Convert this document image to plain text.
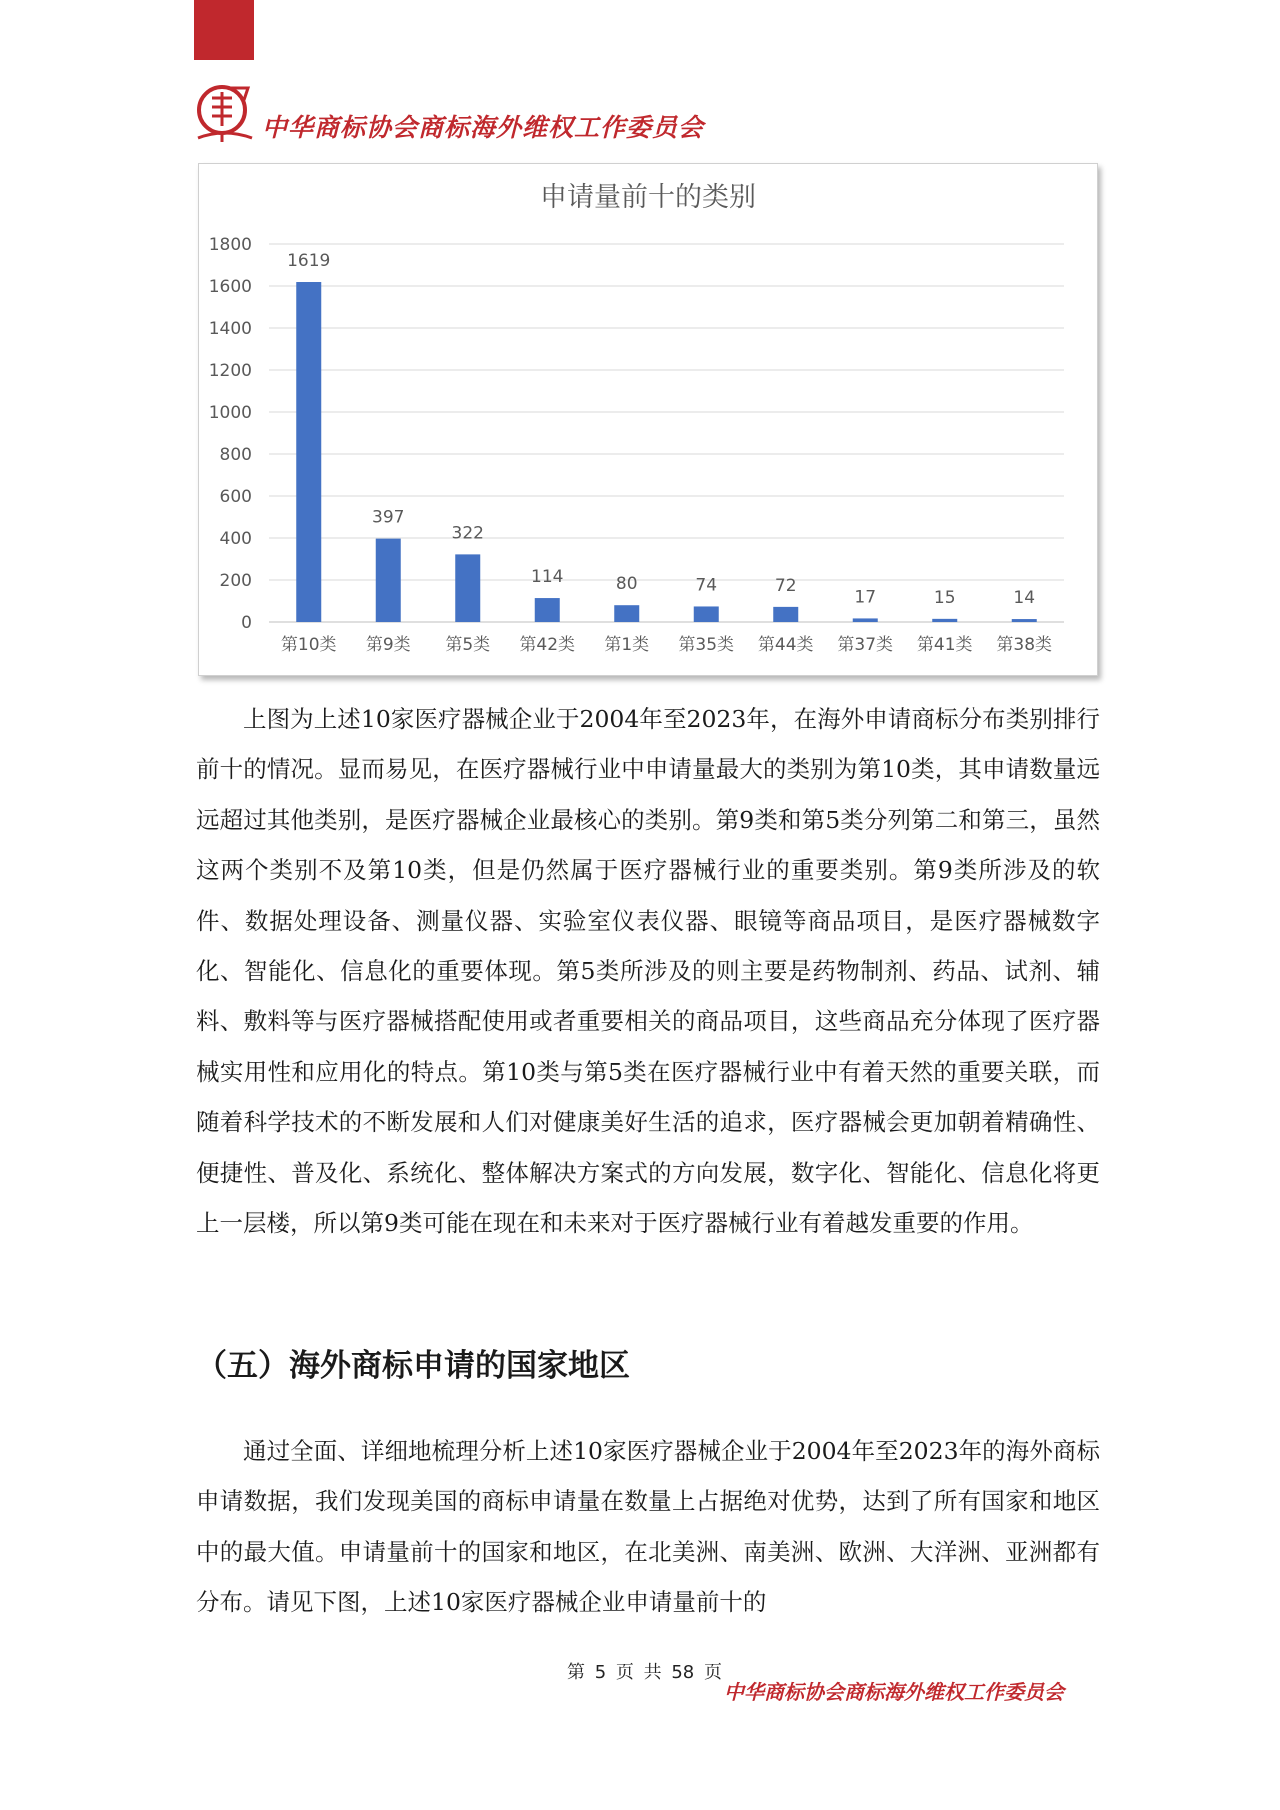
中华商标协会商标海外维权工作委员会
申请量前十的类别
0
200
400
600
800
1000
1200
1400
1600
1800
1619
第10类
397
第9类
322
第5类
114
第42类
80
第1类
74
第35类
72
第44类
17
第37类
15
第41类
14
第38类

上图为上述10家医疗器械企业于2004年至2023年，在海外申请商标分布类别排行前十的情况。显而易见，在医疗器械行业中申请量最大的类别为第10类，其申请数量远远超过其他类别，是医疗器械企业最核心的类别。第9类和第5类分列第二和第三，虽然这两个类别不及第10类，但是仍然属于医疗器械行业的重要类别。第9类所涉及的软件、数据处理设备、测量仪器、实验室仪表仪器、眼镜等商品项目，是医疗器械数字化、智能化、信息化的重要体现。第5类所涉及的则主要是药物制剂、药品、试剂、辅料、敷料等与医疗器械搭配使用或者重要相关的商品项目，这些商品充分体现了医疗器械实用性和应用化的特点。第10类与第5类在医疗器械行业中有着天然的重要关联，而随着科学技术的不断发展和人们对健康美好生活的追求，医疗器械会更加朝着精确性、便捷性、普及化、系统化、整体解决方案式的方向发展，数字化、智能化、信息化将更上一层楼，所以第9类可能在现在和未来对于医疗器械行业有着越发重要的作用。

（五）海外商标申请的国家地区

通过全面、详细地梳理分析上述10家医疗器械企业于2004年至2023年的海外商标申请数据，我们发现美国的商标申请量在数量上占据绝对优势，达到了所有国家和地区中的最大值。申请量前十的国家和地区，在北美洲、南美洲、欧洲、大洋洲、亚洲都有分布。请见下图，上述10家医疗器械企业申请量前十的

第 5 页 共 58 页
中华商标协会商标海外维权工作委员会
